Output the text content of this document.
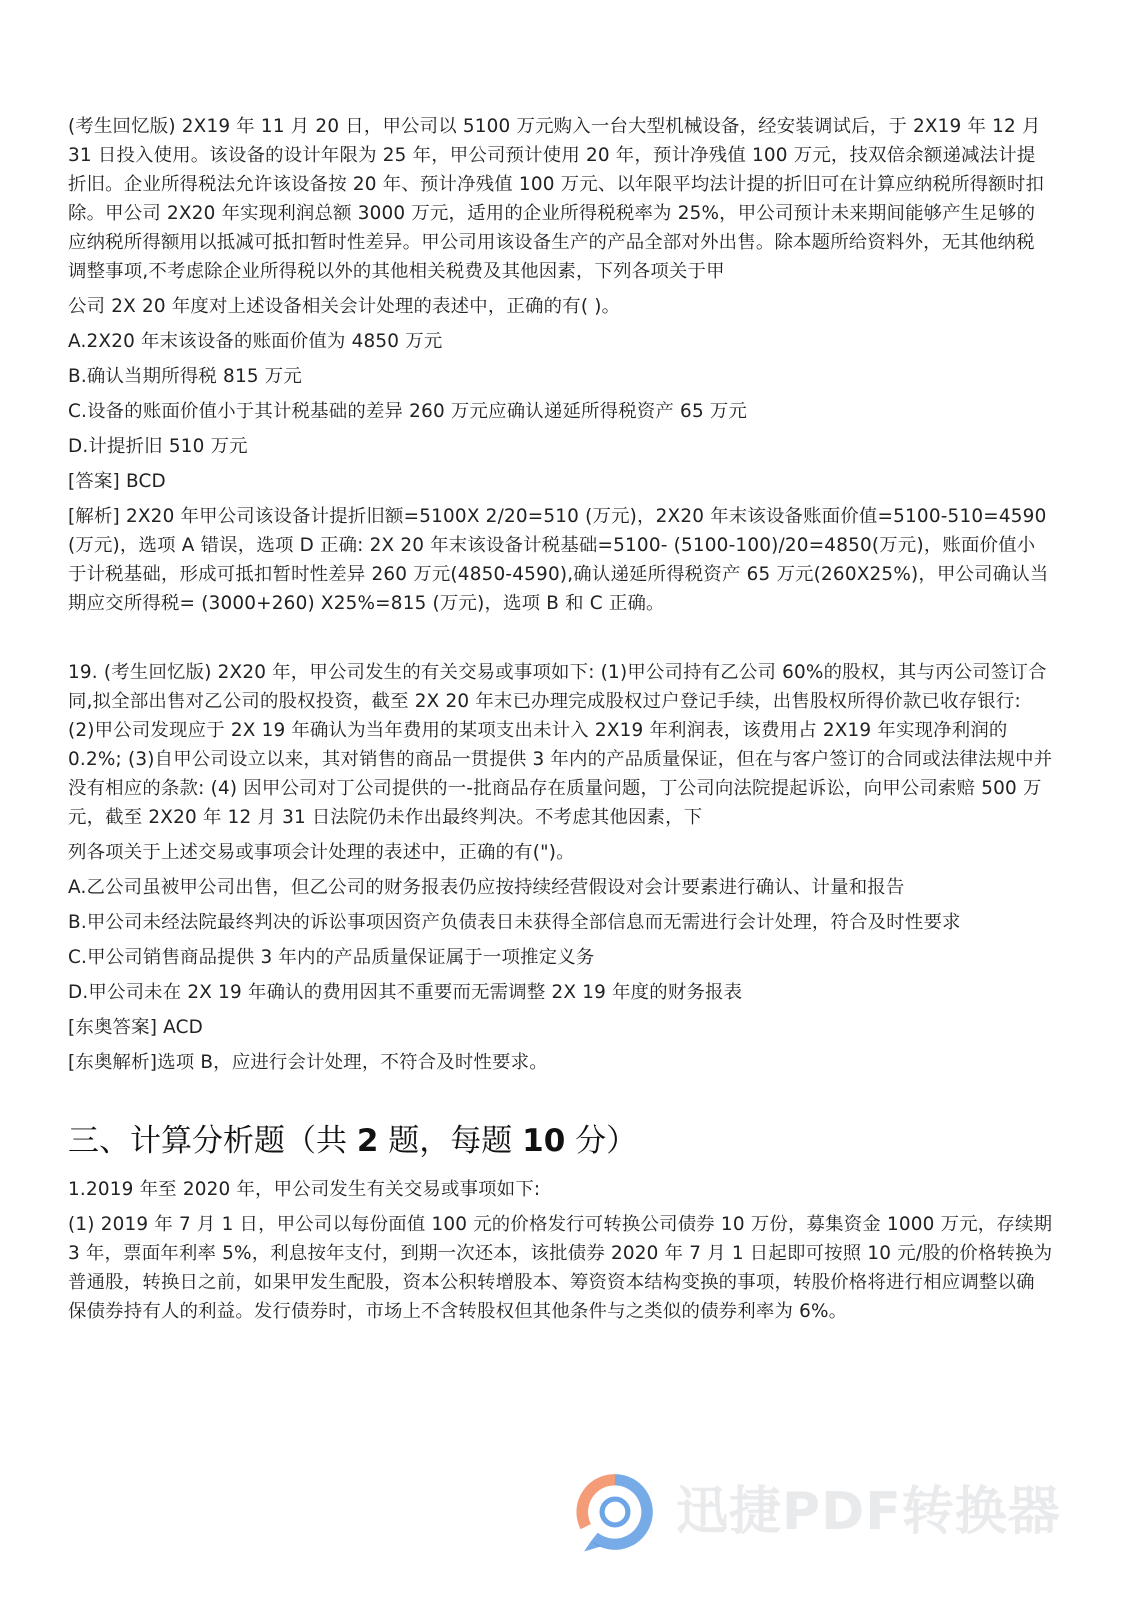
(考生回忆版) 2X19 年 11 月 20 日，甲公司以 5100 万元购入一台大型机械设备，经安装调试后，于 2X19 年 12 月 31 日投入使用。该设备的设计年限为 25 年，甲公司预计使用 20 年，预计净残值 100 万元，技双倍余额递减法计提折旧。企业所得税法允许该设备按 20 年、预计净残值 100 万元、以年限平均法计提的折旧可在计算应纳税所得额时扣除。甲公司 2X20 年实现利润总额 3000 万元，适用的企业所得税税率为 25%，甲公司预计未来期间能够产生足够的应纳税所得额用以抵减可抵扣暂时性差异。甲公司用该设备生产的产品全部对外出售。除本题所给资料外，无其他纳税调整事项,不考虑除企业所得税以外的其他相关税费及其他因素，下列各项关于甲

公司 2X 20 年度对上述设备相关会计处理的表述中，正确的有( )。

A.2X20 年末该设备的账面价值为 4850 万元

B.确认当期所得税 815 万元

C.设备的账面价值小于其计税基础的差异 260 万元应确认递延所得税资产 65 万元

D.计提折旧 510 万元

[答案] BCD

[解析] 2X20 年甲公司该设备计提折旧额=5100X 2/20=510 (万元)，2X20 年末该设备账面价值=5100-510=4590 (万元)，选项 A 错误，选项 D 正确: 2X 20 年末该设备计税基础=5100- (5100-100)/20=4850(万元)，账面价值小于计税基础，形成可抵扣暂时性差异 260 万元(4850-4590),确认递延所得税资产 65 万元(260X25%)，甲公司确认当期应交所得税= (3000+260) X25%=815 (万元)，选项 B 和 C 正确。

19. (考生回忆版) 2X20 年，甲公司发生的有关交易或事项如下: (1)甲公司持有乙公司 60%的股权，其与丙公司签订合同,拟全部出售对乙公司的股权投资，截至 2X 20 年末已办理完成股权过户登记手续，出售股权所得价款已收存银行: (2)甲公司发现应于 2X 19 年确认为当年费用的某项支出未计入 2X19 年利润表，该费用占 2X19 年实现净利润的 0.2%; (3)自甲公司设立以来，其对销售的商品一贯提供 3 年内的产品质量保证，但在与客户签订的合同或法律法规中并没有相应的条款: (4) 因甲公司对丁公司提供的一-批商品存在质量问题，丁公司向法院提起诉讼，向甲公司索赔 500 万元，截至 2X20 年 12 月 31 日法院仍未作出最终判决。不考虑其他因素，下

列各项关于上述交易或事项会计处理的表述中，正确的有(")。

A.乙公司虽被甲公司出售，但乙公司的财务报表仍应按持续经营假设对会计要素进行确认、计量和报告

B.甲公司未经法院最终判决的诉讼事项因资产负债表日未获得全部信息而无需进行会计处理，符合及时性要求

C.甲公司销售商品提供 3 年内的产品质量保证属于一项推定义务

D.甲公司未在 2X 19 年确认的费用因其不重要而无需调整 2X 19 年度的财务报表

[东奥答案] ACD

[东奥解析]选项 B，应进行会计处理，不符合及时性要求。

三、计算分析题（共 2 题，每题 10 分）

1.2019 年至 2020 年，甲公司发生有关交易或事项如下:

(1) 2019 年 7 月 1 日，甲公司以每份面值 100 元的价格发行可转换公司债券 10 万份，募集资金 1000 万元，存续期 3 年，票面年利率 5%，利息按年支付，到期一次还本，该批债券 2020 年 7 月 1 日起即可按照 10 元/股的价格转换为普通股，转换日之前，如果甲发生配股，资本公积转增股本、筹资资本结构变换的事项，转股价格将进行相应调整以确保债券持有人的利益。发行债券时，市场上不含转股权但其他条件与之类似的债券利率为 6%。

迅捷PDF转换器
